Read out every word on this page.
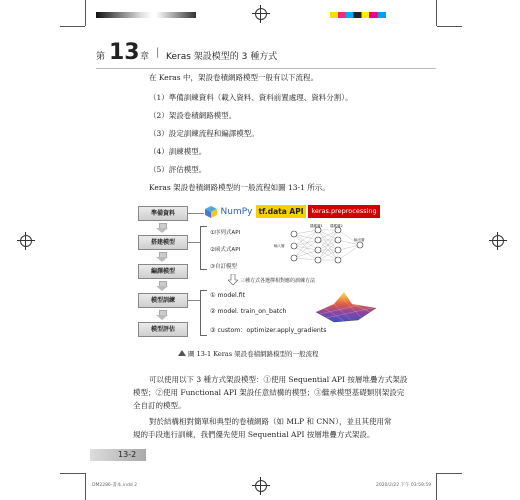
第 13 章 | Keras 架設模型的 3 種方式
在 Keras 中，架設卷積網路模型一般有以下流程。
（1）準備訓練資料（載入資料、資料前置處理、資料分割）。
（2）架設卷積網路模型。
（3）設定訓練流程和編譯模型。
（4）訓練模型。
（5）評估模型。
Keras 架設卷積網路模型的一般流程如圖 13-1 所示。
準備資料
搭建模型
編譯模型
模型訓練
模型評估
NumPy tf.data API	keras.preprocessing
①序列式API
②函式式API
③自訂模型
輸入層
隱藏層1 隱藏層2
輸出層
三種方式各選擇相對應的訓練方法
① model.fit
② model. train_on_batch
③ custom：optimizer.apply_gradients
圖 13-1 Keras 架設卷積網路模型的一般流程
可以使用以下 3 種方式架設模型：①使用 Sequential API 按層堆疊方式架設
模型；②使用 Functional API 架設任意結構的模型；③繼承模型基礎類別架設完
全自訂的模型。
對於結構相對簡單和典型的卷積網路（如 MLP 和 CNN），並且其使用常
規的手段進行訓練，我們優先使用 Sequential API 按層堆疊方式架設。
13-2
DM2286-書本.indd 2	2020/2/22 下午 03:59:59
